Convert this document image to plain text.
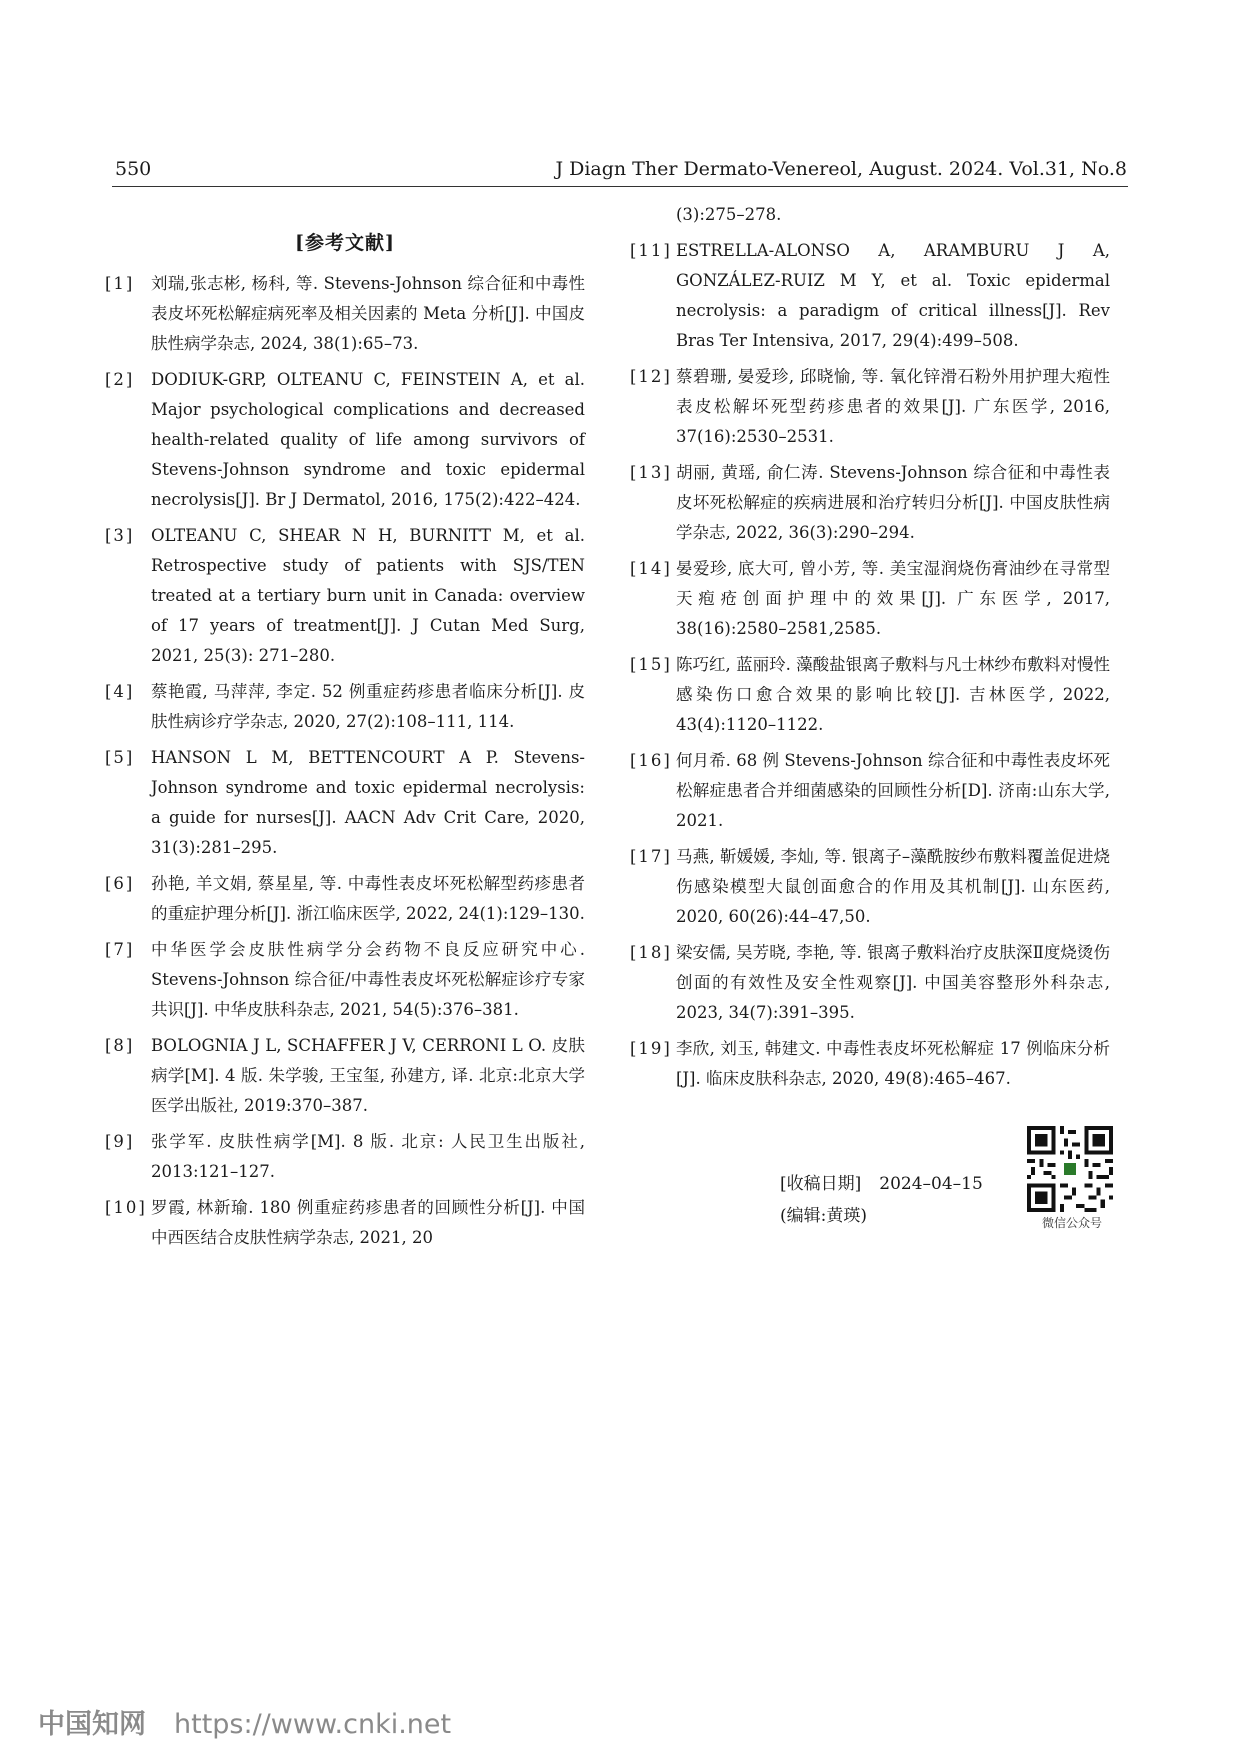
550	J Diagn Ther Dermato-Venereol, August. 2024. Vol.31, No.8
[参考文献]
[1]	刘瑞,张志彬, 杨科, 等. Stevens-Johnson 综合征和中毒性表皮坏死松解症病死率及相关因素的 Meta 分析[J]. 中国皮肤性病学杂志, 2024, 38(1):65–73.
[2]	DODIUK-GRP, OLTEANU C, FEINSTEIN A, et al. Major psychological complications and decreased health-related quality of life among survivors of Stevens-Johnson syndrome and toxic epidermal necrolysis[J]. Br J Dermatol, 2016, 175(2):422–424.
[3]	OLTEANU C, SHEAR N H, BURNITT M, et al. Retrospective study of patients with SJS/TEN treated at a tertiary burn unit in Canada: overview of 17 years of treatment[J]. J Cutan Med Surg, 2021, 25(3): 271–280.
[4]	蔡艳霞, 马萍萍, 李定. 52 例重症药疹患者临床分析[J]. 皮肤性病诊疗学杂志, 2020, 27(2):108–111, 114.
[5]	HANSON L M, BETTENCOURT A P. Stevens-Johnson syndrome and toxic epidermal necrolysis: a guide for nurses[J]. AACN Adv Crit Care, 2020, 31(3):281–295.
[6]	孙艳, 羊文娟, 蔡星星, 等. 中毒性表皮坏死松解型药疹患者的重症护理分析[J]. 浙江临床医学, 2022, 24(1):129–130.
[7]	中华医学会皮肤性病学分会药物不良反应研究中心. Stevens-Johnson 综合征/中毒性表皮坏死松解症诊疗专家共识[J]. 中华皮肤科杂志, 2021, 54(5):376–381.
[8]	BOLOGNIA J L, SCHAFFER J V, CERRONI L O. 皮肤病学[M]. 4 版. 朱学骏, 王宝玺, 孙建方, 译. 北京:北京大学医学出版社, 2019:370–387.
[9]	张学军. 皮肤性病学[M]. 8 版. 北京: 人民卫生出版社, 2013:121–127.
[10] 罗霞, 林新瑜. 180 例重症药疹患者的回顾性分析[J]. 中国中西医结合皮肤性病学杂志, 2021, 20
(3):275–278.
[11] ESTRELLA-ALONSO A, ARAMBURU J A, GONZÁLEZ-RUIZ M Y, et al. Toxic epidermal necrolysis: a paradigm of critical illness[J]. Rev Bras Ter Intensiva, 2017, 29(4):499–508.
[12] 蔡碧珊, 晏爱珍, 邱晓愉, 等. 氧化锌滑石粉外用护理大疱性表皮松解坏死型药疹患者的效果[J]. 广东医学, 2016, 37(16):2530–2531.
[13] 胡丽, 黄瑶, 俞仁涛. Stevens-Johnson 综合征和中毒性表皮坏死松解症的疾病进展和治疗转归分析[J]. 中国皮肤性病学杂志, 2022, 36(3):290–294.
[14] 晏爱珍, 底大可, 曾小芳, 等. 美宝湿润烧伤膏油纱在寻常型天疱疮创面护理中的效果[J]. 广东医学, 2017, 38(16):2580–2581,2585.
[15] 陈巧红, 蓝丽玲. 藻酸盐银离子敷料与凡士林纱布敷料对慢性感染伤口愈合效果的影响比较[J]. 吉林医学, 2022, 43(4):1120–1122.
[16] 何月希. 68 例 Stevens-Johnson 综合征和中毒性表皮坏死松解症患者合并细菌感染的回顾性分析[D]. 济南:山东大学, 2021.
[17] 马燕, 靳媛媛, 李灿, 等. 银离子–藻酰胺纱布敷料覆盖促进烧伤感染模型大鼠创面愈合的作用及其机制[J]. 山东医药, 2020, 60(26):44–47,50.
[18] 梁安儒, 吴芳晓, 李艳, 等. 银离子敷料治疗皮肤深Ⅱ度烧烫伤创面的有效性及安全性观察[J]. 中国美容整形外科杂志, 2023, 34(7):391–395.
[19] 李欣, 刘玉, 韩建文. 中毒性表皮坏死松解症 17 例临床分析[J]. 临床皮肤科杂志, 2020, 49(8):465–467.
[收稿日期] 2024–04–15
(编辑:黄瑛)	微信公众号
中国知网 https://www.cnki.net
